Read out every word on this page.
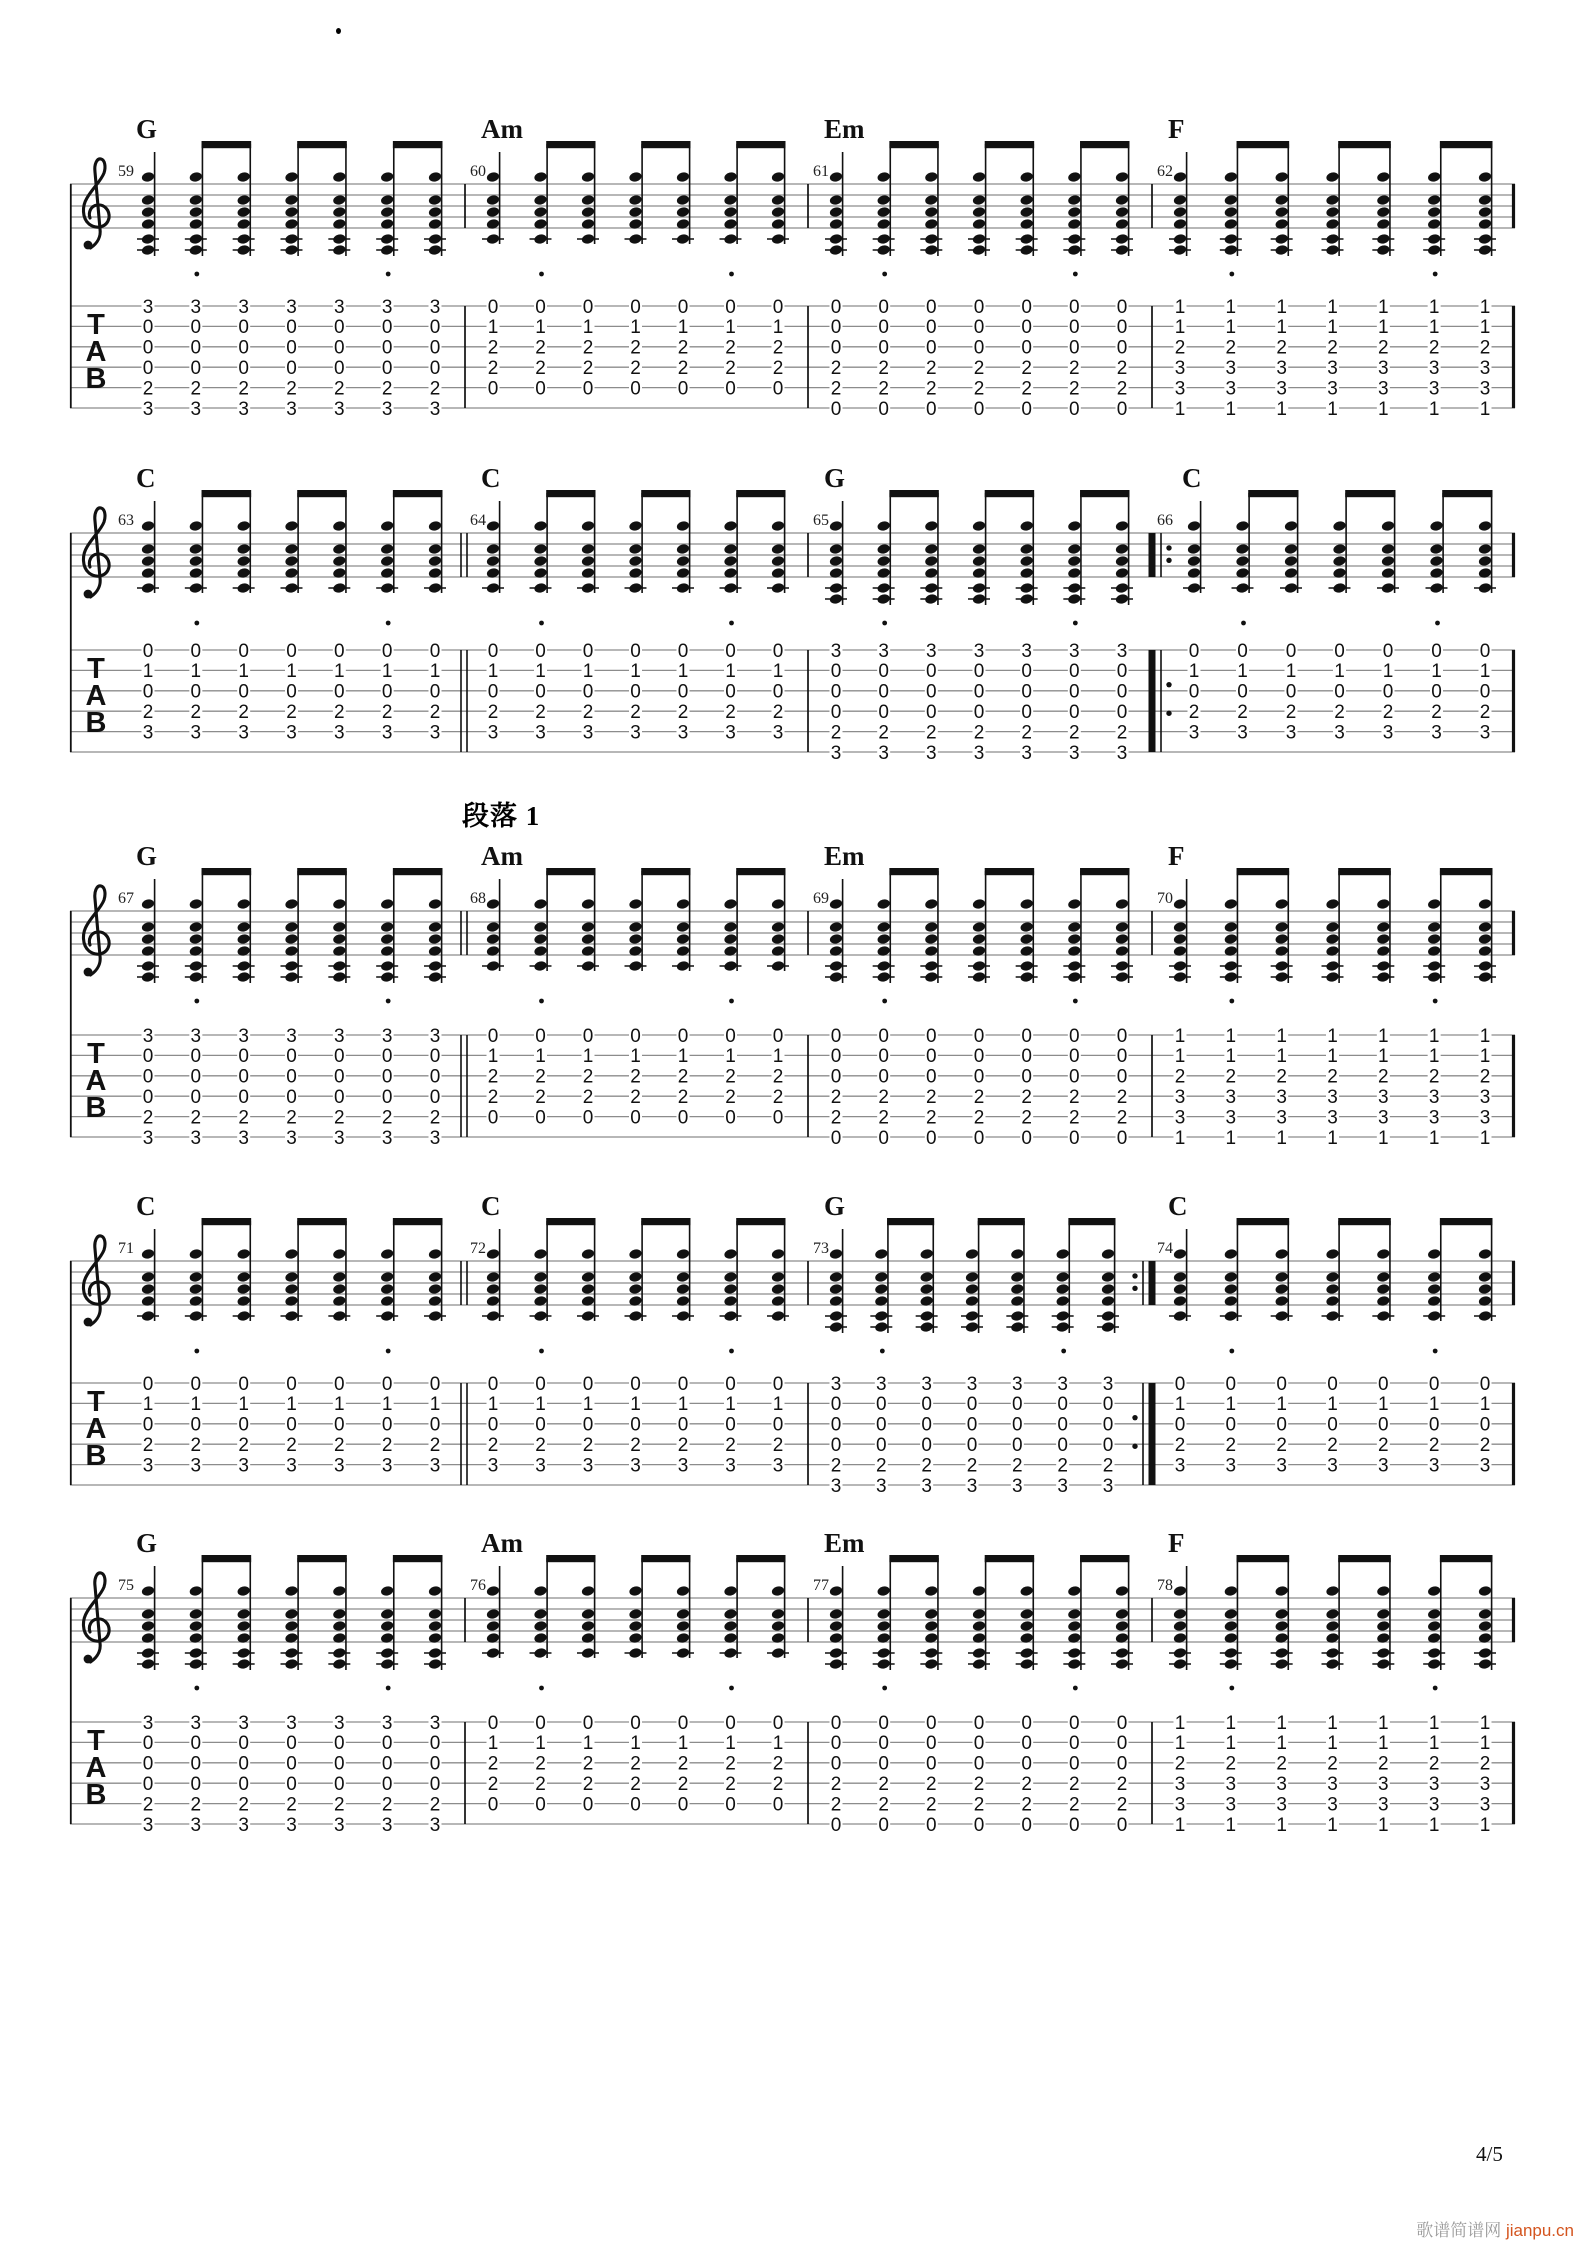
T
A
B
G
59
3
0
0
0
2
3
3
0
0
0
2
3
3
0
0
0
2
3
3
0
0
0
2
3
3
0
0
0
2
3
3
0
0
0
2
3
3
0
0
0
2
3
Am
60
0
1
2
2
0
0
1
2
2
0
0
1
2
2
0
0
1
2
2
0
0
1
2
2
0
0
1
2
2
0
0
1
2
2
0
Em
61
0
0
0
2
2
0
0
0
0
2
2
0
0
0
0
2
2
0
0
0
0
2
2
0
0
0
0
2
2
0
0
0
0
2
2
0
0
0
0
2
2
0
F
62
1
1
2
3
3
1
1
1
2
3
3
1
1
1
2
3
3
1
1
1
2
3
3
1
1
1
2
3
3
1
1
1
2
3
3
1
1
1
2
3
3
1
T
A
B
C
63
0
1
0
2
3
0
1
0
2
3
0
1
0
2
3
0
1
0
2
3
0
1
0
2
3
0
1
0
2
3
0
1
0
2
3
C
64
0
1
0
2
3
0
1
0
2
3
0
1
0
2
3
0
1
0
2
3
0
1
0
2
3
0
1
0
2
3
0
1
0
2
3
G
65
3
0
0
0
2
3
3
0
0
0
2
3
3
0
0
0
2
3
3
0
0
0
2
3
3
0
0
0
2
3
3
0
0
0
2
3
3
0
0
0
2
3
C
66
0
1
0
2
3
0
1
0
2
3
0
1
0
2
3
0
1
0
2
3
0
1
0
2
3
0
1
0
2
3
0
1
0
2
3
T
A
B
G
67
3
0
0
0
2
3
3
0
0
0
2
3
3
0
0
0
2
3
3
0
0
0
2
3
3
0
0
0
2
3
3
0
0
0
2
3
3
0
0
0
2
3
Am
68
0
1
2
2
0
0
1
2
2
0
0
1
2
2
0
0
1
2
2
0
0
1
2
2
0
0
1
2
2
0
0
1
2
2
0
Em
69
0
0
0
2
2
0
0
0
0
2
2
0
0
0
0
2
2
0
0
0
0
2
2
0
0
0
0
2
2
0
0
0
0
2
2
0
0
0
0
2
2
0
F
70
1
1
2
3
3
1
1
1
2
3
3
1
1
1
2
3
3
1
1
1
2
3
3
1
1
1
2
3
3
1
1
1
2
3
3
1
1
1
2
3
3
1
T
A
B
C
71
0
1
0
2
3
0
1
0
2
3
0
1
0
2
3
0
1
0
2
3
0
1
0
2
3
0
1
0
2
3
0
1
0
2
3
C
72
0
1
0
2
3
0
1
0
2
3
0
1
0
2
3
0
1
0
2
3
0
1
0
2
3
0
1
0
2
3
0
1
0
2
3
G
73
3
0
0
0
2
3
3
0
0
0
2
3
3
0
0
0
2
3
3
0
0
0
2
3
3
0
0
0
2
3
3
0
0
0
2
3
3
0
0
0
2
3
C
74
0
1
0
2
3
0
1
0
2
3
0
1
0
2
3
0
1
0
2
3
0
1
0
2
3
0
1
0
2
3
0
1
0
2
3
T
A
B
G
75
3
0
0
0
2
3
3
0
0
0
2
3
3
0
0
0
2
3
3
0
0
0
2
3
3
0
0
0
2
3
3
0
0
0
2
3
3
0
0
0
2
3
Am
76
0
1
2
2
0
0
1
2
2
0
0
1
2
2
0
0
1
2
2
0
0
1
2
2
0
0
1
2
2
0
0
1
2
2
0
Em
77
0
0
0
2
2
0
0
0
0
2
2
0
0
0
0
2
2
0
0
0
0
2
2
0
0
0
0
2
2
0
0
0
0
2
2
0
0
0
0
2
2
0
F
78
1
1
2
3
3
1
1
1
2
3
3
1
1
1
2
3
3
1
1
1
2
3
3
1
1
1
2
3
3
1
1
1
2
3
3
1
1
1
2
3
3
1
段落 1
4/5
歌谱简谱网 jianpu.cn
